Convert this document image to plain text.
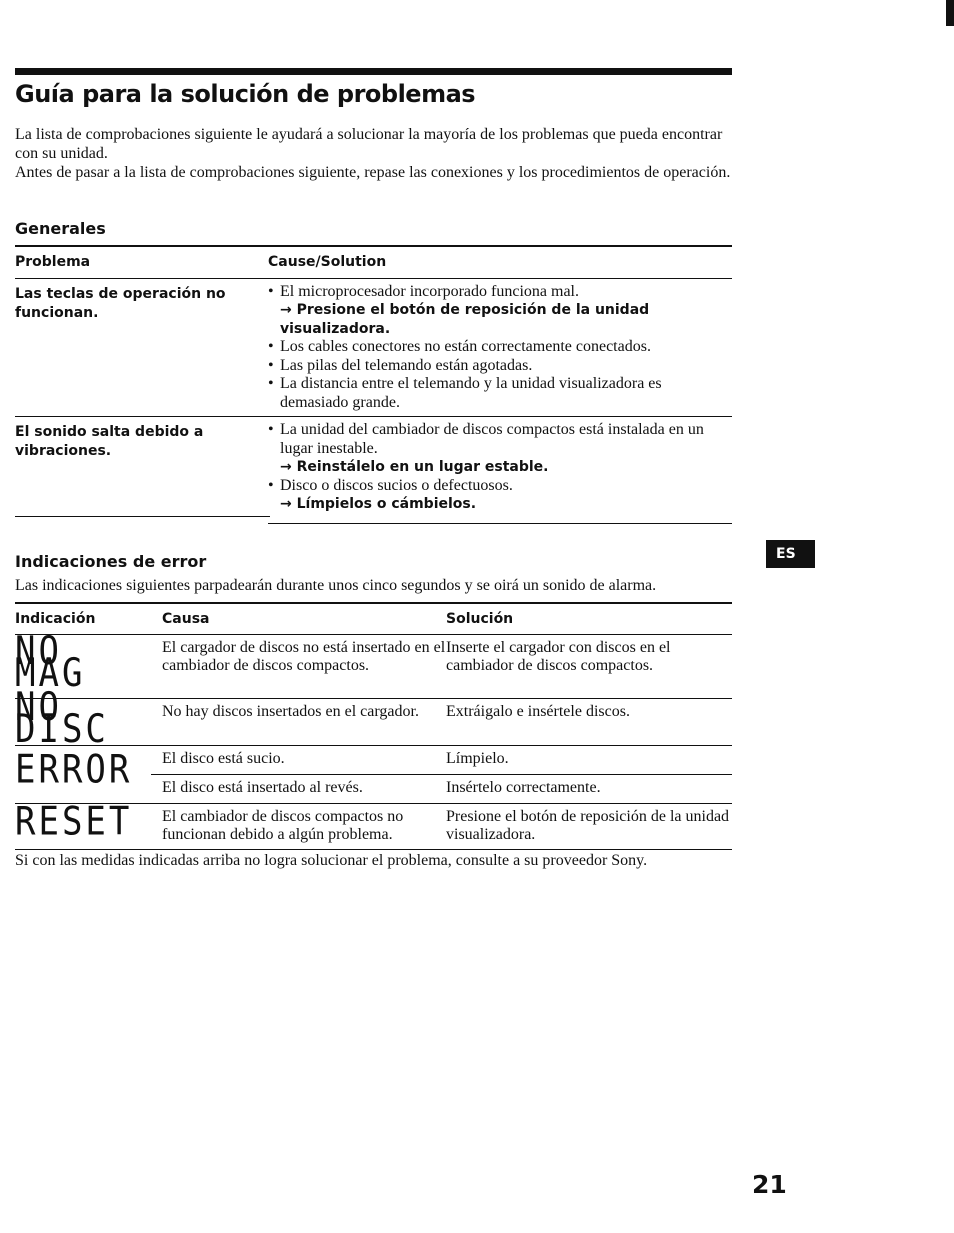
Guía para la solución de problemas

La lista de comprobaciones siguiente le ayudará a solucionar la mayoría de los problemas que pueda encontrar con su unidad.

Antes de pasar a la lista de comprobaciones siguiente, repase las conexiones y los procedimientos de operación.

Generales
Problema	Cause/Solution
Las teclas de operación no funcionan.	• El microprocesador incorporado funciona mal.
→ Presione el botón de reposición de la unidad visualizadora.
• Los cables conectores no están correctamente conectados.
• Las pilas del telemando están agotadas.
• La distancia entre el telemando y la unidad visualizadora es demasiado grande.

El sonido salta debido a vibraciones.	• La unidad del cambiador de discos compactos está instalada en un lugar inestable.
→ Reinstálelo en un lugar estable.
• Disco o discos sucios o defectuosos.
→ Límpielos o cámbielos.
ES
Indicaciones de error

Las indicaciones siguientes parpadearán durante unos cinco segundos y se oirá un sonido de alarma.

Indicación	Causa	Solución
NO MAG	El cargador de discos no está insertado en el cambiador de discos compactos.	Inserte el cargador con discos en el cambiador de discos compactos.
NO DISC	No hay discos insertados en el cargador.	Extráigalo e insértele discos.
ERROR	El disco está sucio.	Límpielo.
	El disco está insertado al revés.	Insértelo correctamente.
RESET	El cambiador de discos compactos no funcionan debido a algún problema.	Presione el botón de reposición de la unidad visualizadora.

Si con las medidas indicadas arriba no logra solucionar el problema, consulte a su proveedor Sony.

21
